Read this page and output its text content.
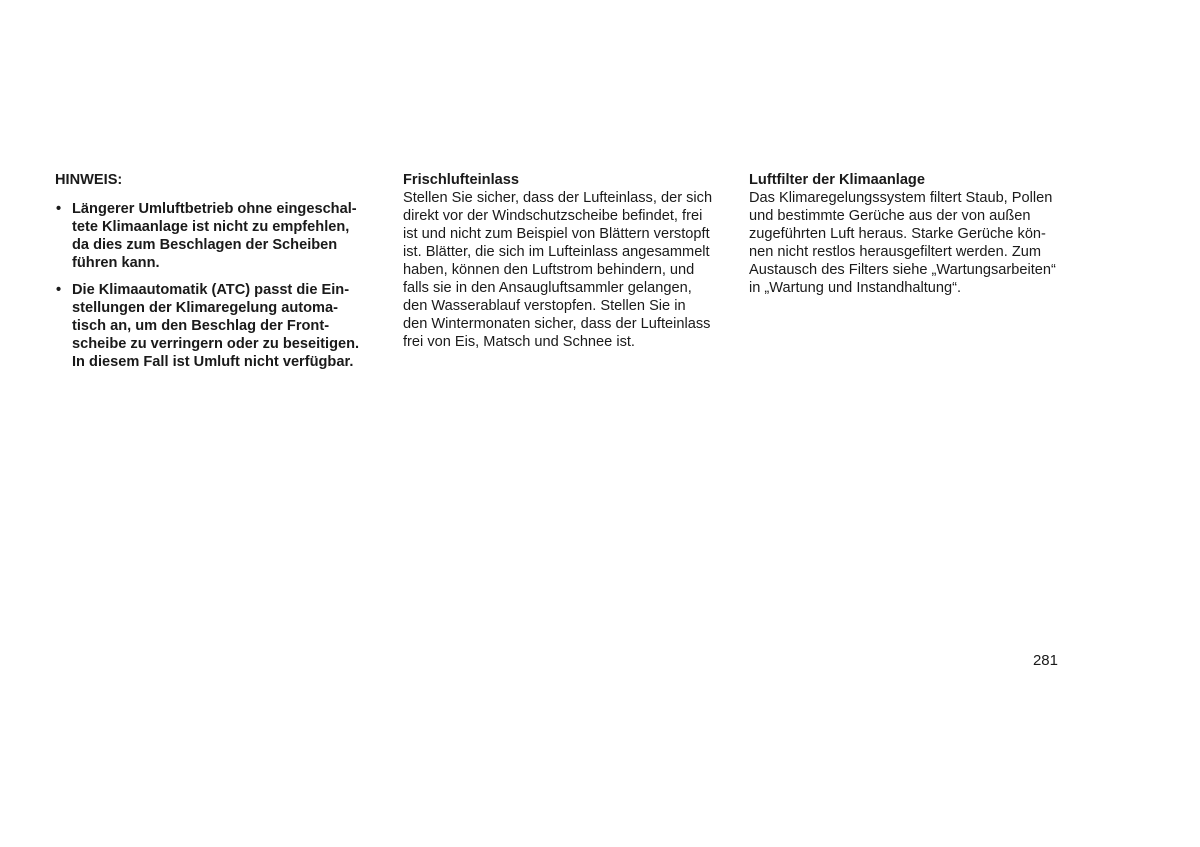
HINWEIS:

• Längerer Umluftbetrieb ohne eingeschal-
tete Klimaanlage ist nicht zu empfehlen,
da dies zum Beschlagen der Scheiben
führen kann.
• Die Klimaautomatik (ATC) passt die Ein-
stellungen der Klimaregelung automa-
tisch an, um den Beschlag der Front-
scheibe zu verringern oder zu beseitigen.
In diesem Fall ist Umluft nicht verfügbar.

Frischlufteinlass

Stellen Sie sicher, dass der Lufteinlass, der sich
direkt vor der Windschutzscheibe befindet, frei
ist und nicht zum Beispiel von Blättern verstopft
ist. Blätter, die sich im Lufteinlass angesammelt
haben, können den Luftstrom behindern, und
falls sie in den Ansaugluftsammler gelangen,
den Wasserablauf verstopfen. Stellen Sie in
den Wintermonaten sicher, dass der Lufteinlass
frei von Eis, Matsch und Schnee ist.

Luftfilter der Klimaanlage

Das Klimaregelungssystem filtert Staub, Pollen
und bestimmte Gerüche aus der von außen
zugeführten Luft heraus. Starke Gerüche kön-
nen nicht restlos herausgefiltert werden. Zum
Austausch des Filters siehe „Wartungsarbeiten“
in „Wartung und Instandhaltung“.

281
